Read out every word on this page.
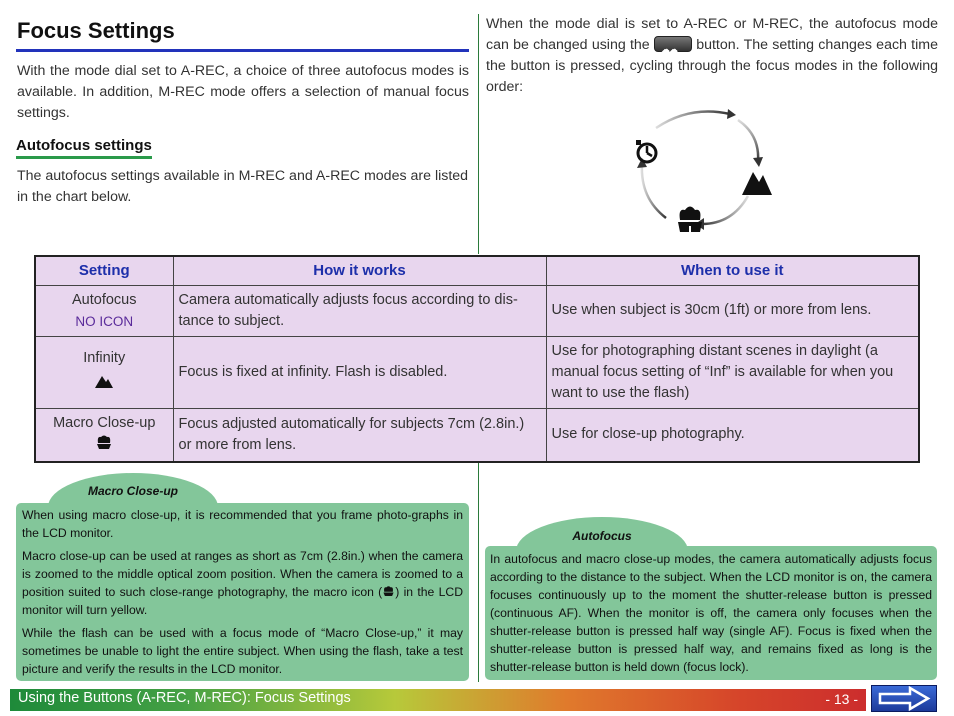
Focus Settings
With the mode dial set to A-REC, a choice of three autofocus modes is available. In addition, M-REC mode offers a selection of manual focus settings.
Autofocus settings
The autofocus settings available in M-REC and A-REC modes are listed in the chart below.
When the mode dial is set to A-REC or M-REC, the autofocus mode can be changed using the ☁☁ button. The setting changes each time the button is pressed, cycling through the focus modes in the following order:
Setting	How it works	When to use it

Autofocus
NO ICON	Camera automatically adjusts focus according to dis-tance to subject.	Use when subject is 30cm (1ft) or more from lens.

Infinity	Focus is fixed at infinity. Flash is disabled.	Use for photographing distant scenes in daylight (a manual focus setting of “Inf” is available for when you want to use the flash)

Macro Close-up	Focus adjusted automatically for subjects 7cm (2.8in.) or more from lens.	Use for close-up photography.
Macro Close-up

When using macro close-up, it is recommended that you frame photo-graphs in the LCD monitor.

Macro close-up can be used at ranges as short as 7cm (2.8in.) when the camera is zoomed to the middle optical zoom position. When the camera is zoomed to a position suited to such close-range photography, the macro icon ( ) in the LCD monitor will turn yellow.

While the flash can be used with a focus mode of “Macro Close-up,” it may sometimes be unable to light the entire subject. When using the flash, take a test picture and verify the results in the LCD monitor.

Autofocus

In autofocus and macro close-up modes, the camera automatically adjusts focus according to the distance to the subject. When the LCD monitor is on, the camera focuses continuously up to the moment the shutter-release button is pressed (continuous AF). When the monitor is off, the camera only focuses when the shutter-release button is pressed half way (single AF). Focus is fixed when the shutter-release button is pressed half way, and remains fixed as long is the shutter-release button is held down (focus lock).

Using the Buttons (A-REC, M-REC): Focus Settings	- 13 -
